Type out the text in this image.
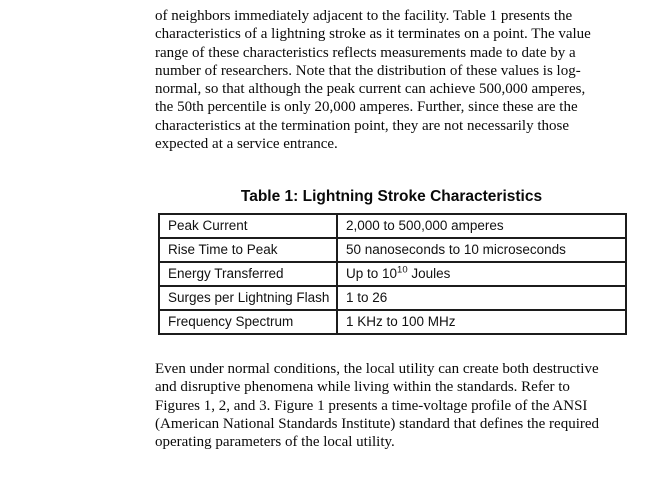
of neighbors immediately adjacent to the facility. Table 1 presents the
characteristics of a lightning stroke as it terminates on a point. The value
range of these characteristics reflects measurements made to date by a
number of researchers. Note that the distribution of these values is log-
normal, so that although the peak current can achieve 500,000 amperes,
the 50th percentile is only 20,000 amperes. Further, since these are the
characteristics at the termination point, they are not necessarily those
expected at a service entrance.
Table 1: Lightning Stroke Characteristics
Peak Current	2,000 to 500,000 amperes
Rise Time to Peak	50 nanoseconds to 10 microseconds
Energy Transferred	Up to $10^{10}$ Joules
Surges per Lightning Flash	1 to 26
Frequency Spectrum	1 KHz to 100 MHz
Even under normal conditions, the local utility can create both destructive
and disruptive phenomena while living within the standards. Refer to
Figures 1, 2, and 3. Figure 1 presents a time-voltage profile of the ANSI
(American National Standards Institute) standard that defines the required
operating parameters of the local utility.
